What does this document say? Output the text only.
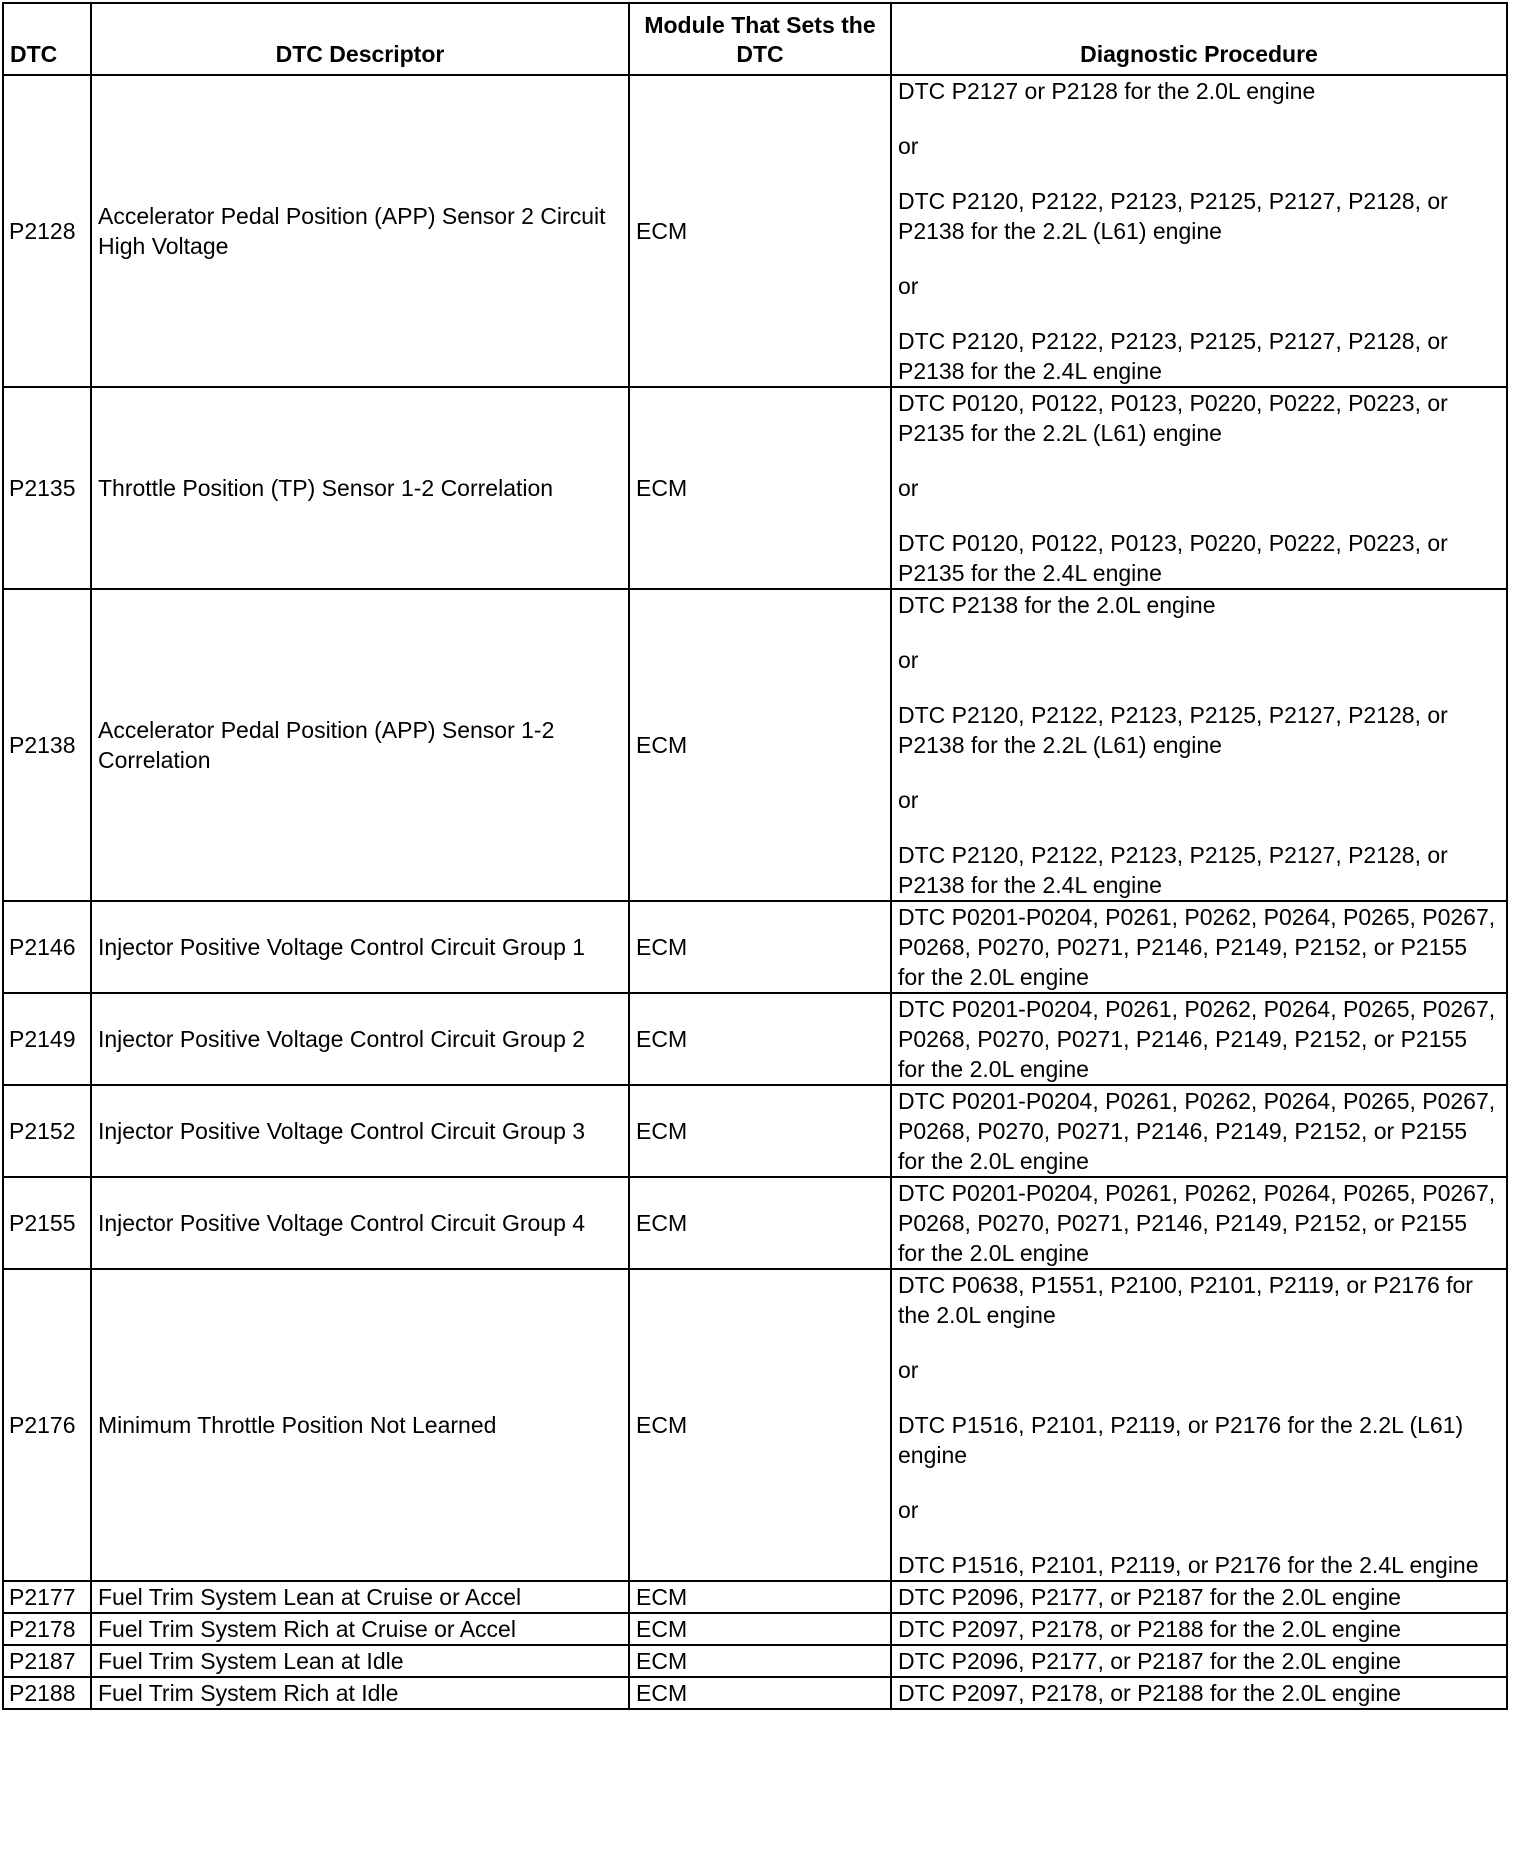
DTC	DTC Descriptor	Module That Sets the DTC	Diagnostic Procedure
P2128	Accelerator Pedal Position (APP) Sensor 2 Circuit High Voltage	ECM	DTC P2127 or P2128 for the 2.0L engine
or
DTC P2120, P2122, P2123, P2125, P2127, P2128, or P2138 for the 2.2L (L61) engine
or
DTC P2120, P2122, P2123, P2125, P2127, P2128, or P2138 for the 2.4L engine

P2135	Throttle Position (TP) Sensor 1-2 Correlation	ECM	DTC P0120, P0122, P0123, P0220, P0222, P0223, or P2135 for the 2.2L (L61) engine
or
DTC P0120, P0122, P0123, P0220, P0222, P0223, or P2135 for the 2.4L engine

P2138	Accelerator Pedal Position (APP) Sensor 1-2 Correlation	ECM	DTC P2138 for the 2.0L engine
or
DTC P2120, P2122, P2123, P2125, P2127, P2128, or P2138 for the 2.2L (L61) engine
or
DTC P2120, P2122, P2123, P2125, P2127, P2128, or P2138 for the 2.4L engine

P2146	Injector Positive Voltage Control Circuit Group 1	ECM	DTC P0201-P0204, P0261, P0262, P0264, P0265, P0267, P0268, P0270, P0271, P2146, P2149, P2152, or P2155 for the 2.0L engine

P2149	Injector Positive Voltage Control Circuit Group 2	ECM	DTC P0201-P0204, P0261, P0262, P0264, P0265, P0267, P0268, P0270, P0271, P2146, P2149, P2152, or P2155 for the 2.0L engine

P2152	Injector Positive Voltage Control Circuit Group 3	ECM	DTC P0201-P0204, P0261, P0262, P0264, P0265, P0267, P0268, P0270, P0271, P2146, P2149, P2152, or P2155 for the 2.0L engine

P2155	Injector Positive Voltage Control Circuit Group 4	ECM	DTC P0201-P0204, P0261, P0262, P0264, P0265, P0267, P0268, P0270, P0271, P2146, P2149, P2152, or P2155 for the 2.0L engine

P2176	Minimum Throttle Position Not Learned	ECM	DTC P0638, P1551, P2100, P2101, P2119, or P2176 for the 2.0L engine
or
DTC P1516, P2101, P2119, or P2176 for the 2.2L (L61) engine
or
DTC P1516, P2101, P2119, or P2176 for the 2.4L engine

P2177	Fuel Trim System Lean at Cruise or Accel	ECM	DTC P2096, P2177, or P2187 for the 2.0L engine

P2178	Fuel Trim System Rich at Cruise or Accel	ECM	DTC P2097, P2178, or P2188 for the 2.0L engine

P2187	Fuel Trim System Lean at Idle	ECM	DTC P2096, P2177, or P2187 for the 2.0L engine

P2188	Fuel Trim System Rich at Idle	ECM	DTC P2097, P2178, or P2188 for the 2.0L engine
